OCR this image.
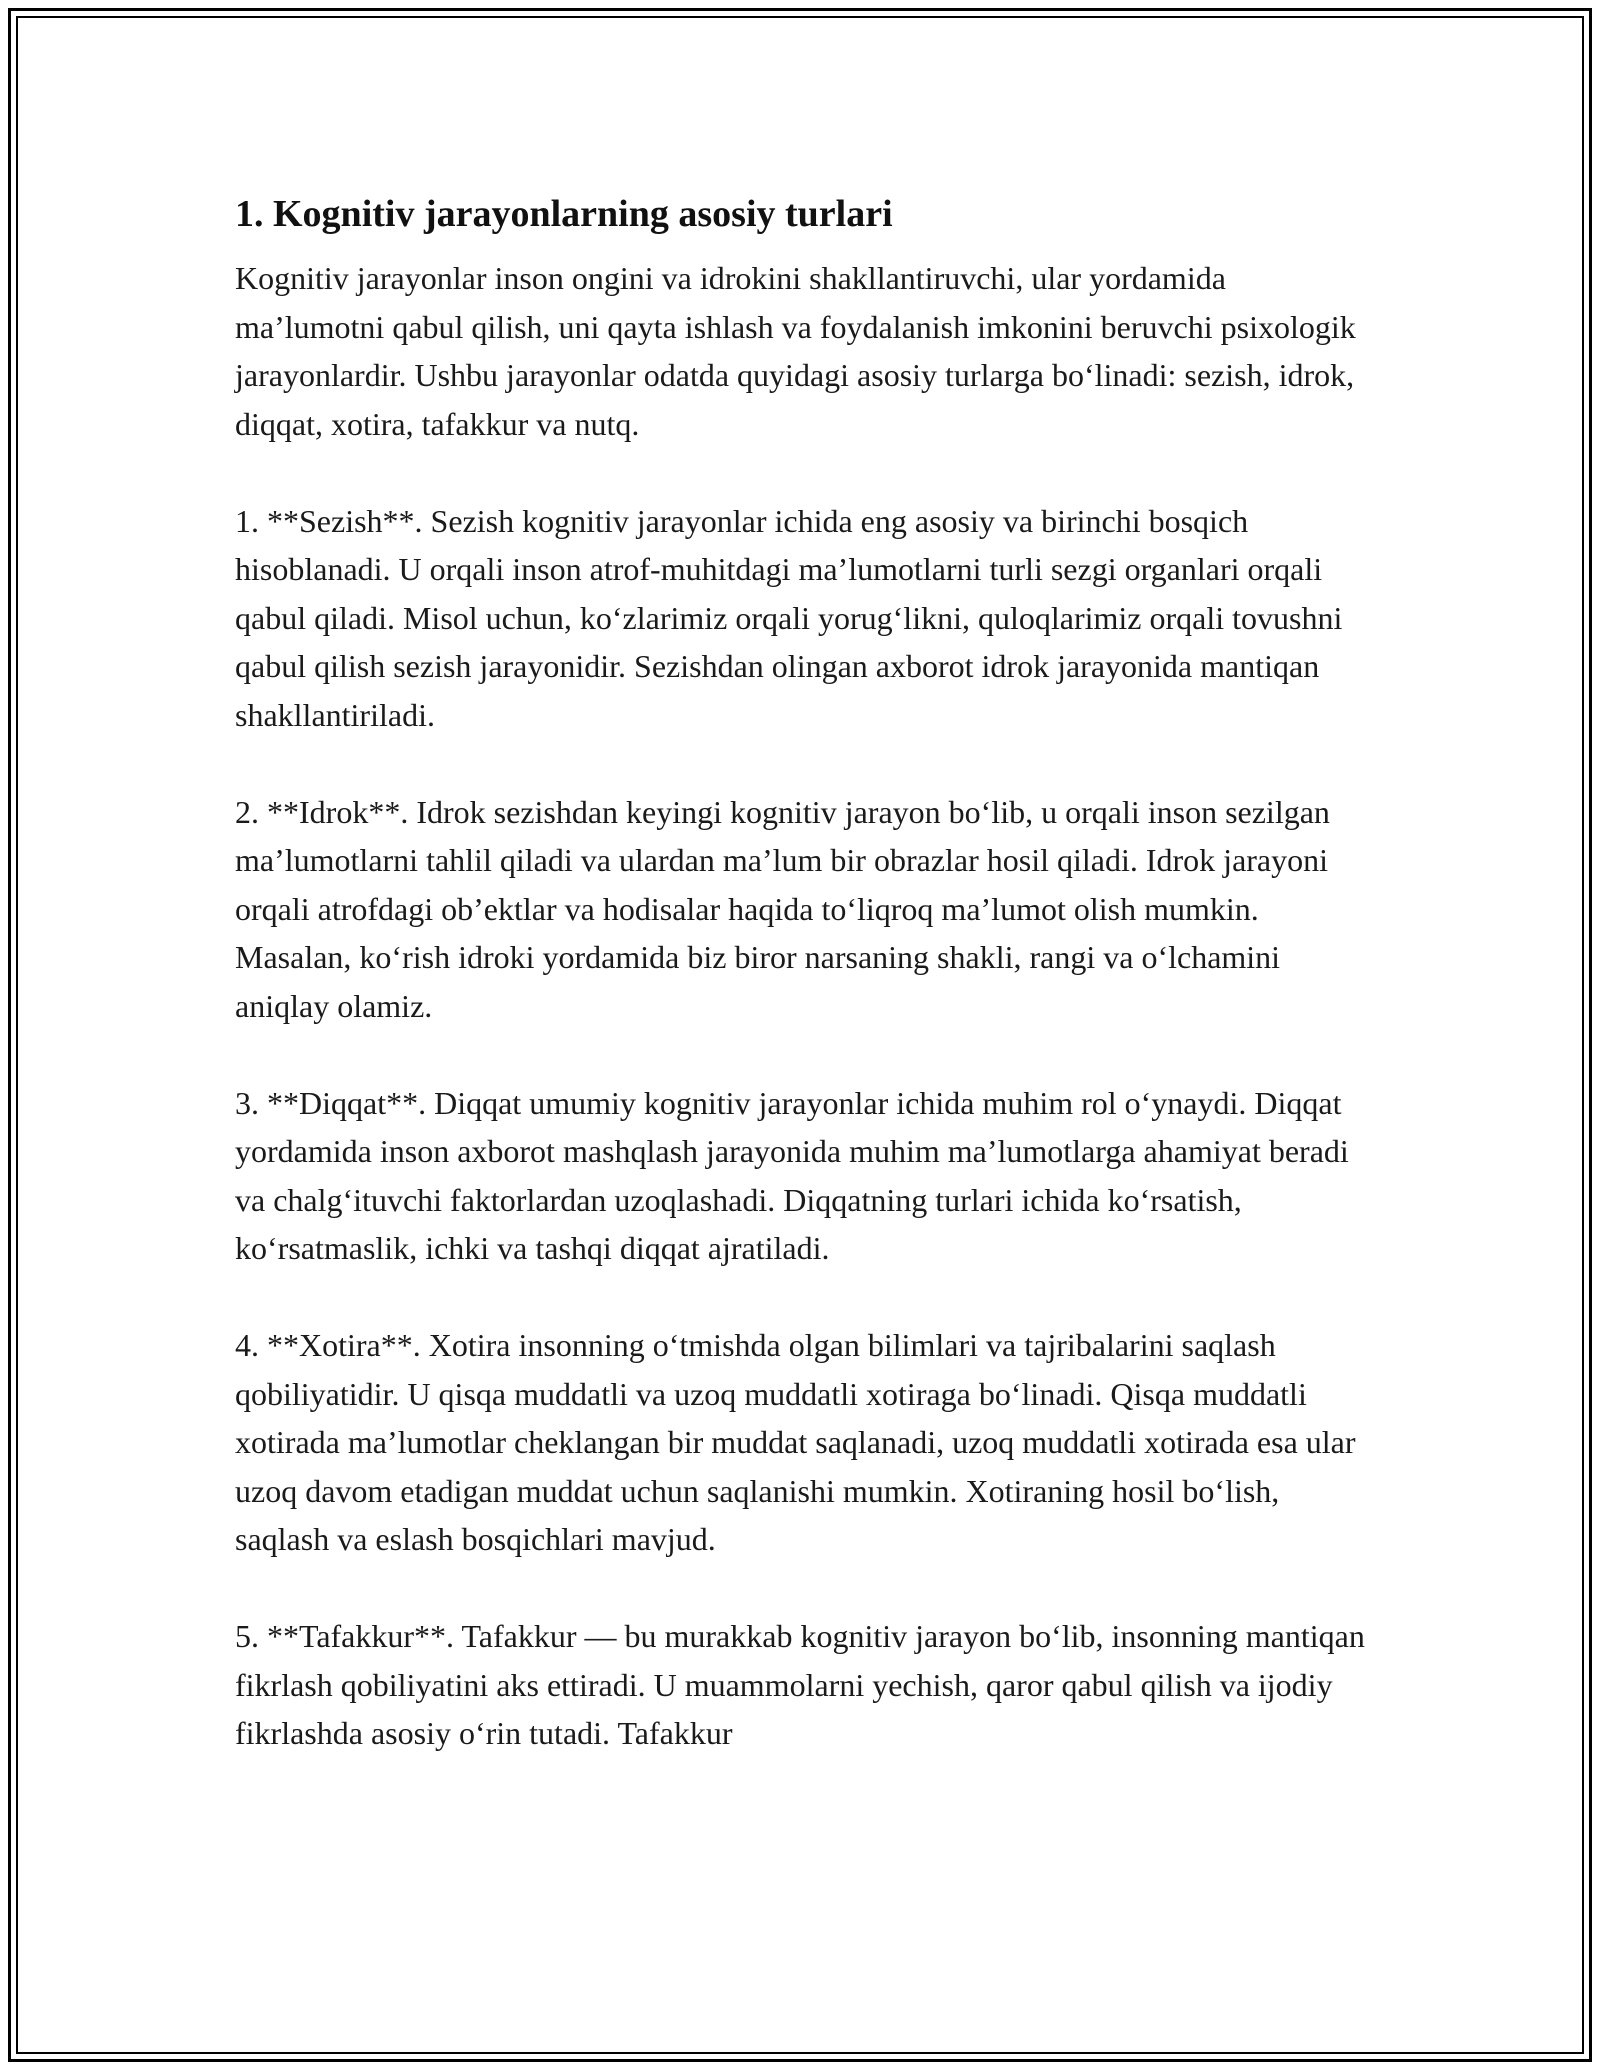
1. Kognitiv jarayonlarning asosiy turlari

Kognitiv jarayonlar inson ongini va idrokini shakllantiruvchi, ular yordamida ma’lumotni qabul qilish, uni qayta ishlash va foydalanish imkonini beruvchi psixologik jarayonlardir. Ushbu jarayonlar odatda quyidagi asosiy turlarga bo‘linadi: sezish, idrok, diqqat, xotira, tafakkur va nutq.

1. **Sezish**. Sezish kognitiv jarayonlar ichida eng asosiy va birinchi bosqich hisoblanadi. U orqali inson atrof-muhitdagi ma’lumotlarni turli sezgi organlari orqali qabul qiladi. Misol uchun, ko‘zlarimiz orqali yorug‘likni, quloqlarimiz orqali tovushni qabul qilish sezish jarayonidir. Sezishdan olingan axborot idrok jarayonida mantiqan shakllantiriladi.

2. **Idrok**. Idrok sezishdan keyingi kognitiv jarayon bo‘lib, u orqali inson sezilgan ma’lumotlarni tahlil qiladi va ulardan ma’lum bir obrazlar hosil qiladi. Idrok jarayoni orqali atrofdagi ob’ektlar va hodisalar haqida to‘liqroq ma’lumot olish mumkin. Masalan, ko‘rish idroki yordamida biz biror narsaning shakli, rangi va o‘lchamini aniqlay olamiz.

3. **Diqqat**. Diqqat umumiy kognitiv jarayonlar ichida muhim rol o‘ynaydi. Diqqat yordamida inson axborot mashqlash jarayonida muhim ma’lumotlarga ahamiyat beradi va chalg‘ituvchi faktorlardan uzoqlashadi. Diqqatning turlari ichida ko‘rsatish, ko‘rsatmaslik, ichki va tashqi diqqat ajratiladi.

4. **Xotira**. Xotira insonning o‘tmishda olgan bilimlari va tajribalarini saqlash qobiliyatidir. U qisqa muddatli va uzoq muddatli xotiraga bo‘linadi. Qisqa muddatli xotirada ma’lumotlar cheklangan bir muddat saqlanadi, uzoq muddatli xotirada esa ular uzoq davom etadigan muddat uchun saqlanishi mumkin. Xotiraning hosil bo‘lish, saqlash va eslash bosqichlari mavjud.

5. **Tafakkur**. Tafakkur — bu murakkab kognitiv jarayon bo‘lib, insonning mantiqan fikrlash qobiliyatini aks ettiradi. U muammolarni yechish, qaror qabul qilish va ijodiy fikrlashda asosiy o‘rin tutadi. Tafakkur
